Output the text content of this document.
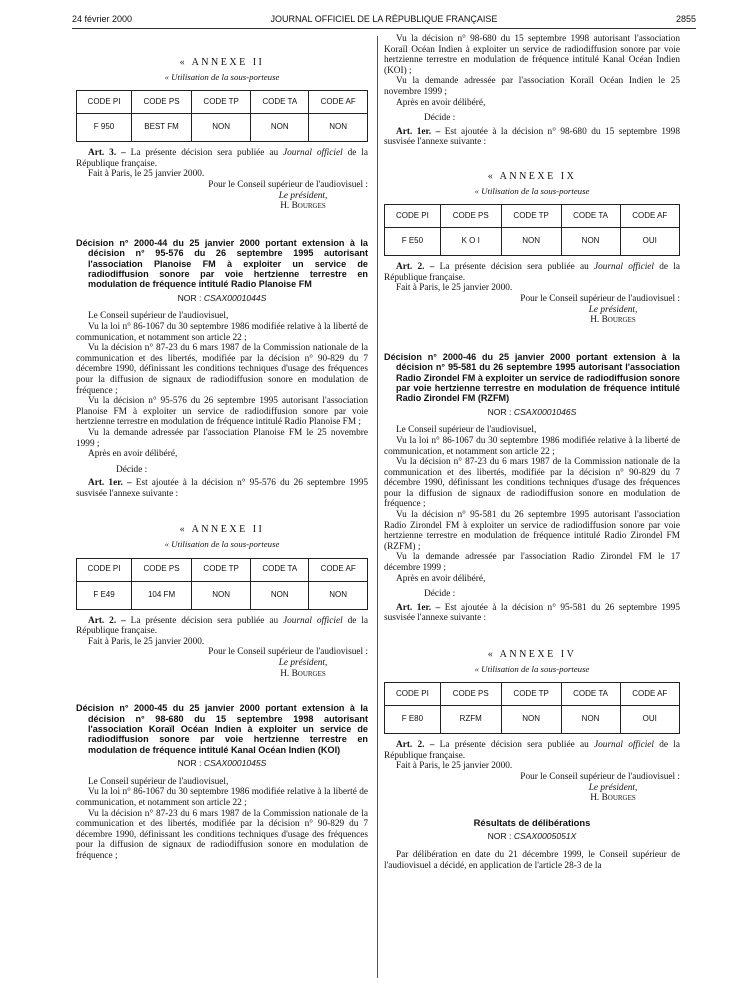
24 février 2000	JOURNAL OFFICIEL DE LA RÉPUBLIQUE FRANÇAISE	2855
« ANNEXE II
« Utilisation de la sous-porteuse
CODE PI	CODE PS	CODE TP	CODE TA	CODE AF
F 950	BEST FM	NON	NON	NON

Art. 3. – La présente décision sera publiée au Journal officiel de la République française.

Fait à Paris, le 25 janvier 2000.

Pour le Conseil supérieur de l'audiovisuel :

Le président,

H. Bourges

Décision n° 2000-44 du 25 janvier 2000 portant extension à la décision n° 95-576 du 26 septembre 1995 autorisant l'association Planoise FM à exploiter un service de radiodiffusion sonore par voie hertzienne terrestre en modulation de fréquence intitulé Radio Planoise FM
NOR : CSAX0001044S

Le Conseil supérieur de l'audiovisuel,

Vu la loi n° 86-1067 du 30 septembre 1986 modifiée relative à la liberté de communication, et notamment son article 22 ;

Vu la décision n° 87-23 du 6 mars 1987 de la Commission nationale de la communication et des libertés, modifiée par la décision n° 90-829 du 7 décembre 1990, définissant les conditions techniques d'usage des fréquences pour la diffusion de signaux de radiodiffusion sonore en modulation de fréquence ;

Vu la décision n° 95-576 du 26 septembre 1995 autorisant l'association Planoise FM à exploiter un service de radiodiffusion sonore par voie hertzienne terrestre en modulation de fréquence intitulé Radio Planoise FM ;

Vu la demande adressée par l'association Planoise FM le 25 novembre 1999 ;

Après en avoir délibéré,

Décide :

Art. 1er. – Est ajoutée à la décision n° 95-576 du 26 septembre 1995 susvisée l'annexe suivante :

« ANNEXE II
« Utilisation de la sous-porteuse
CODE PI	CODE PS	CODE TP	CODE TA	CODE AF
F E49	104 FM	NON	NON	NON

Art. 2. – La présente décision sera publiée au Journal officiel de la République française.

Fait à Paris, le 25 janvier 2000.

Pour le Conseil supérieur de l'audiovisuel :

Le président,

H. Bourges

Décision n° 2000-45 du 25 janvier 2000 portant extension à la décision n° 98-680 du 15 septembre 1998 autorisant l'association Koraïl Océan Indien à exploiter un service de radiodiffusion sonore par voie hertzienne terrestre en modulation de fréquence intitulé Kanal Océan Indien (KOI)
NOR : CSAX0001045S

Le Conseil supérieur de l'audiovisuel,

Vu la loi n° 86-1067 du 30 septembre 1986 modifiée relative à la liberté de communication, et notamment son article 22 ;

Vu la décision n° 87-23 du 6 mars 1987 de la Commission nationale de la communication et des libertés, modifiée par la décision n° 90-829 du 7 décembre 1990, définissant les conditions techniques d'usage des fréquences pour la diffusion de signaux de radiodiffusion sonore en modulation de fréquence ;

Vu la décision n° 98-680 du 15 septembre 1998 autorisant l'association Koraïl Océan Indien à exploiter un service de radiodiffusion sonore par voie hertzienne terrestre en modulation de fréquence intitulé Kanal Océan Indien (KOI) ;

Vu la demande adressée par l'association Koraïl Océan Indien le 25 novembre 1999 ;

Après en avoir délibéré,

Décide :

Art. 1er. – Est ajoutée à la décision n° 98-680 du 15 septembre 1998 susvisée l'annexe suivante :

« ANNEXE IX
« Utilisation de la sous-porteuse
CODE PI	CODE PS	CODE TP	CODE TA	CODE AF
F E50	K O I	NON	NON	OUI

Art. 2. – La présente décision sera publiée au Journal officiel de la République française.

Fait à Paris, le 25 janvier 2000.

Pour le Conseil supérieur de l'audiovisuel :

Le président,

H. Bourges

Décision n° 2000-46 du 25 janvier 2000 portant extension à la décision n° 95-581 du 26 septembre 1995 autorisant l'association Radio Zirondel FM à exploiter un service de radiodiffusion sonore par voie hertzienne terrestre en modulation de fréquence intitulé Radio Zirondel FM (RZFM)
NOR : CSAX0001046S

Le Conseil supérieur de l'audiovisuel,

Vu la loi n° 86-1067 du 30 septembre 1986 modifiée relative à la liberté de communication, et notamment son article 22 ;

Vu la décision n° 87-23 du 6 mars 1987 de la Commission nationale de la communication et des libertés, modifiée par la décision n° 90-829 du 7 décembre 1990, définissant les conditions techniques d'usage des fréquences pour la diffusion de signaux de radiodiffusion sonore en modulation de fréquence ;

Vu la décision n° 95-581 du 26 septembre 1995 autorisant l'association Radio Zirondel FM à exploiter un service de radiodiffusion sonore par voie hertzienne terrestre en modulation de fréquence intitulé Radio Zirondel FM (RZFM) ;

Vu la demande adressée par l'association Radio Zirondel FM le 17 décembre 1999 ;

Après en avoir délibéré,

Décide :

Art. 1er. – Est ajoutée à la décision n° 95-581 du 26 septembre 1995 susvisée l'annexe suivante :

« ANNEXE IV
« Utilisation de la sous-porteuse
CODE PI	CODE PS	CODE TP	CODE TA	CODE AF
F E80	RZFM	NON	NON	OUI

Art. 2. – La présente décision sera publiée au Journal officiel de la République française.

Fait à Paris, le 25 janvier 2000.

Pour le Conseil supérieur de l'audiovisuel :

Le président,

H. Bourges

Résultats de délibérations
NOR : CSAX0005051X

Par délibération en date du 21 décembre 1999, le Conseil supérieur de l'audiovisuel a décidé, en application de l'article 28-3 de la
